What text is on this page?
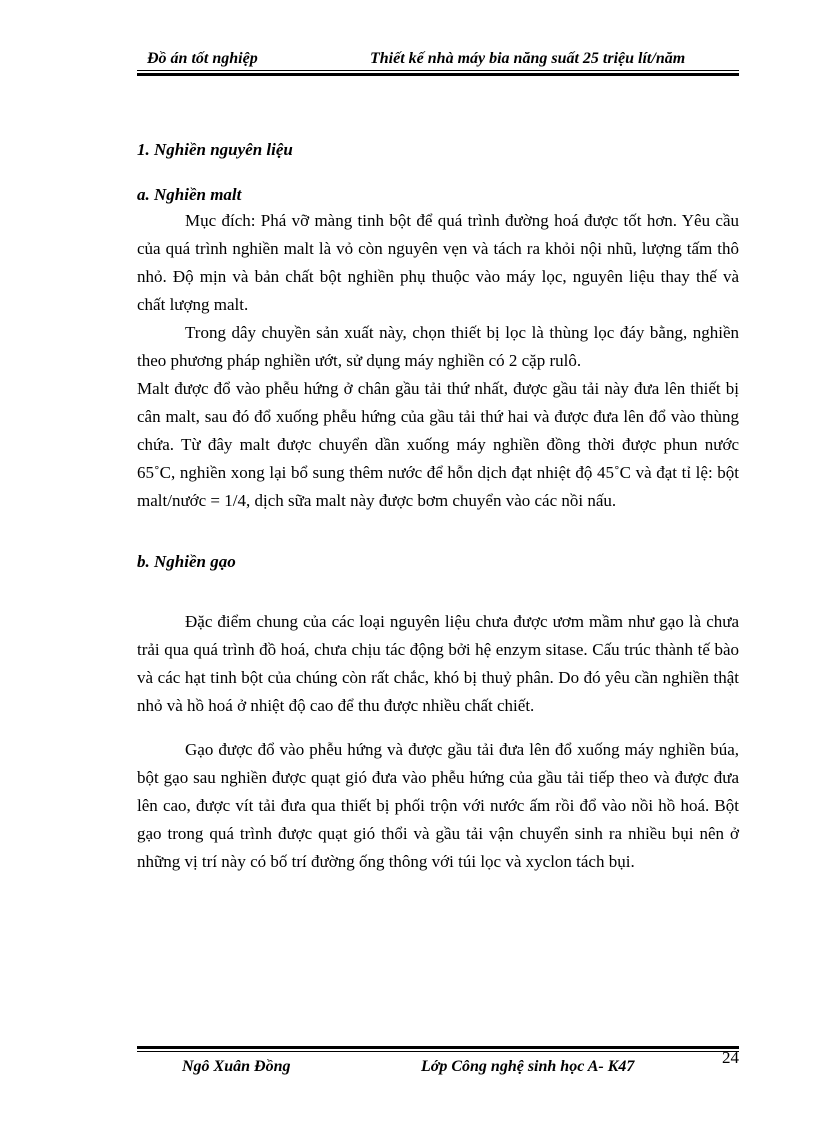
Đồ án tốt nghiệp	Thiết kế nhà máy bia năng suất 25 triệu lít/năm
1. Nghiền nguyên liệu
a. Nghiền malt

Mục đích: Phá vỡ màng tinh bột để quá trình đường hoá được tốt hơn. Yêu cầu của quá trình nghiền malt là vỏ còn nguyên vẹn và tách ra khỏi nội nhũ, lượng tấm thô nhỏ. Độ mịn và bản chất bột nghiền phụ thuộc vào máy lọc, nguyên liệu thay thế và chất lượng malt.

Trong dây chuyền sản xuất này, chọn thiết bị lọc là thùng lọc đáy bằng, nghiền theo phương pháp nghiền ướt, sử dụng máy nghiền có 2 cặp rulô.

Malt được đổ vào phễu hứng ở chân gầu tải thứ nhất, được gầu tải này đưa lên thiết bị cân malt, sau đó đổ xuống phễu hứng của gầu tải thứ hai và được đưa lên đổ vào thùng chứa. Từ đây malt được chuyển dần xuống máy nghiền đồng thời được phun nước 65˚C, nghiền xong lại bổ sung thêm nước để hỗn dịch đạt nhiệt độ 45˚C và đạt tỉ lệ: bột malt/nước = 1/4, dịch sữa malt này được bơm chuyển vào các nồi nấu.

b. Nghiền gạo

Đặc điểm chung của các loại nguyên liệu chưa được ươm mầm như gạo là chưa trải qua quá trình đồ hoá, chưa chịu tác động bởi hệ enzym sitase. Cấu trúc thành tế bào và các hạt tinh bột của chúng còn rất chắc, khó bị thuỷ phân. Do đó yêu cần nghiền thật nhỏ và hồ hoá ở nhiệt độ cao để thu được nhiều chất chiết.

Gạo được đổ vào phễu hứng và được gầu tải đưa lên đổ xuống máy nghiền búa, bột gạo sau nghiền được quạt gió đưa vào phễu hứng của gầu tải tiếp theo và được đưa lên cao, được vít tải đưa qua thiết bị phối trộn với nước ấm rồi đổ vào nồi hồ hoá. Bột gạo trong quá trình được quạt gió thổi và gầu tải vận chuyển sinh ra nhiều bụi nên ở những vị trí này có bố trí đường ống thông với túi lọc và xyclon tách bụi.

Ngô Xuân Đồng	Lớp Công nghệ sinh học A- K47	24
